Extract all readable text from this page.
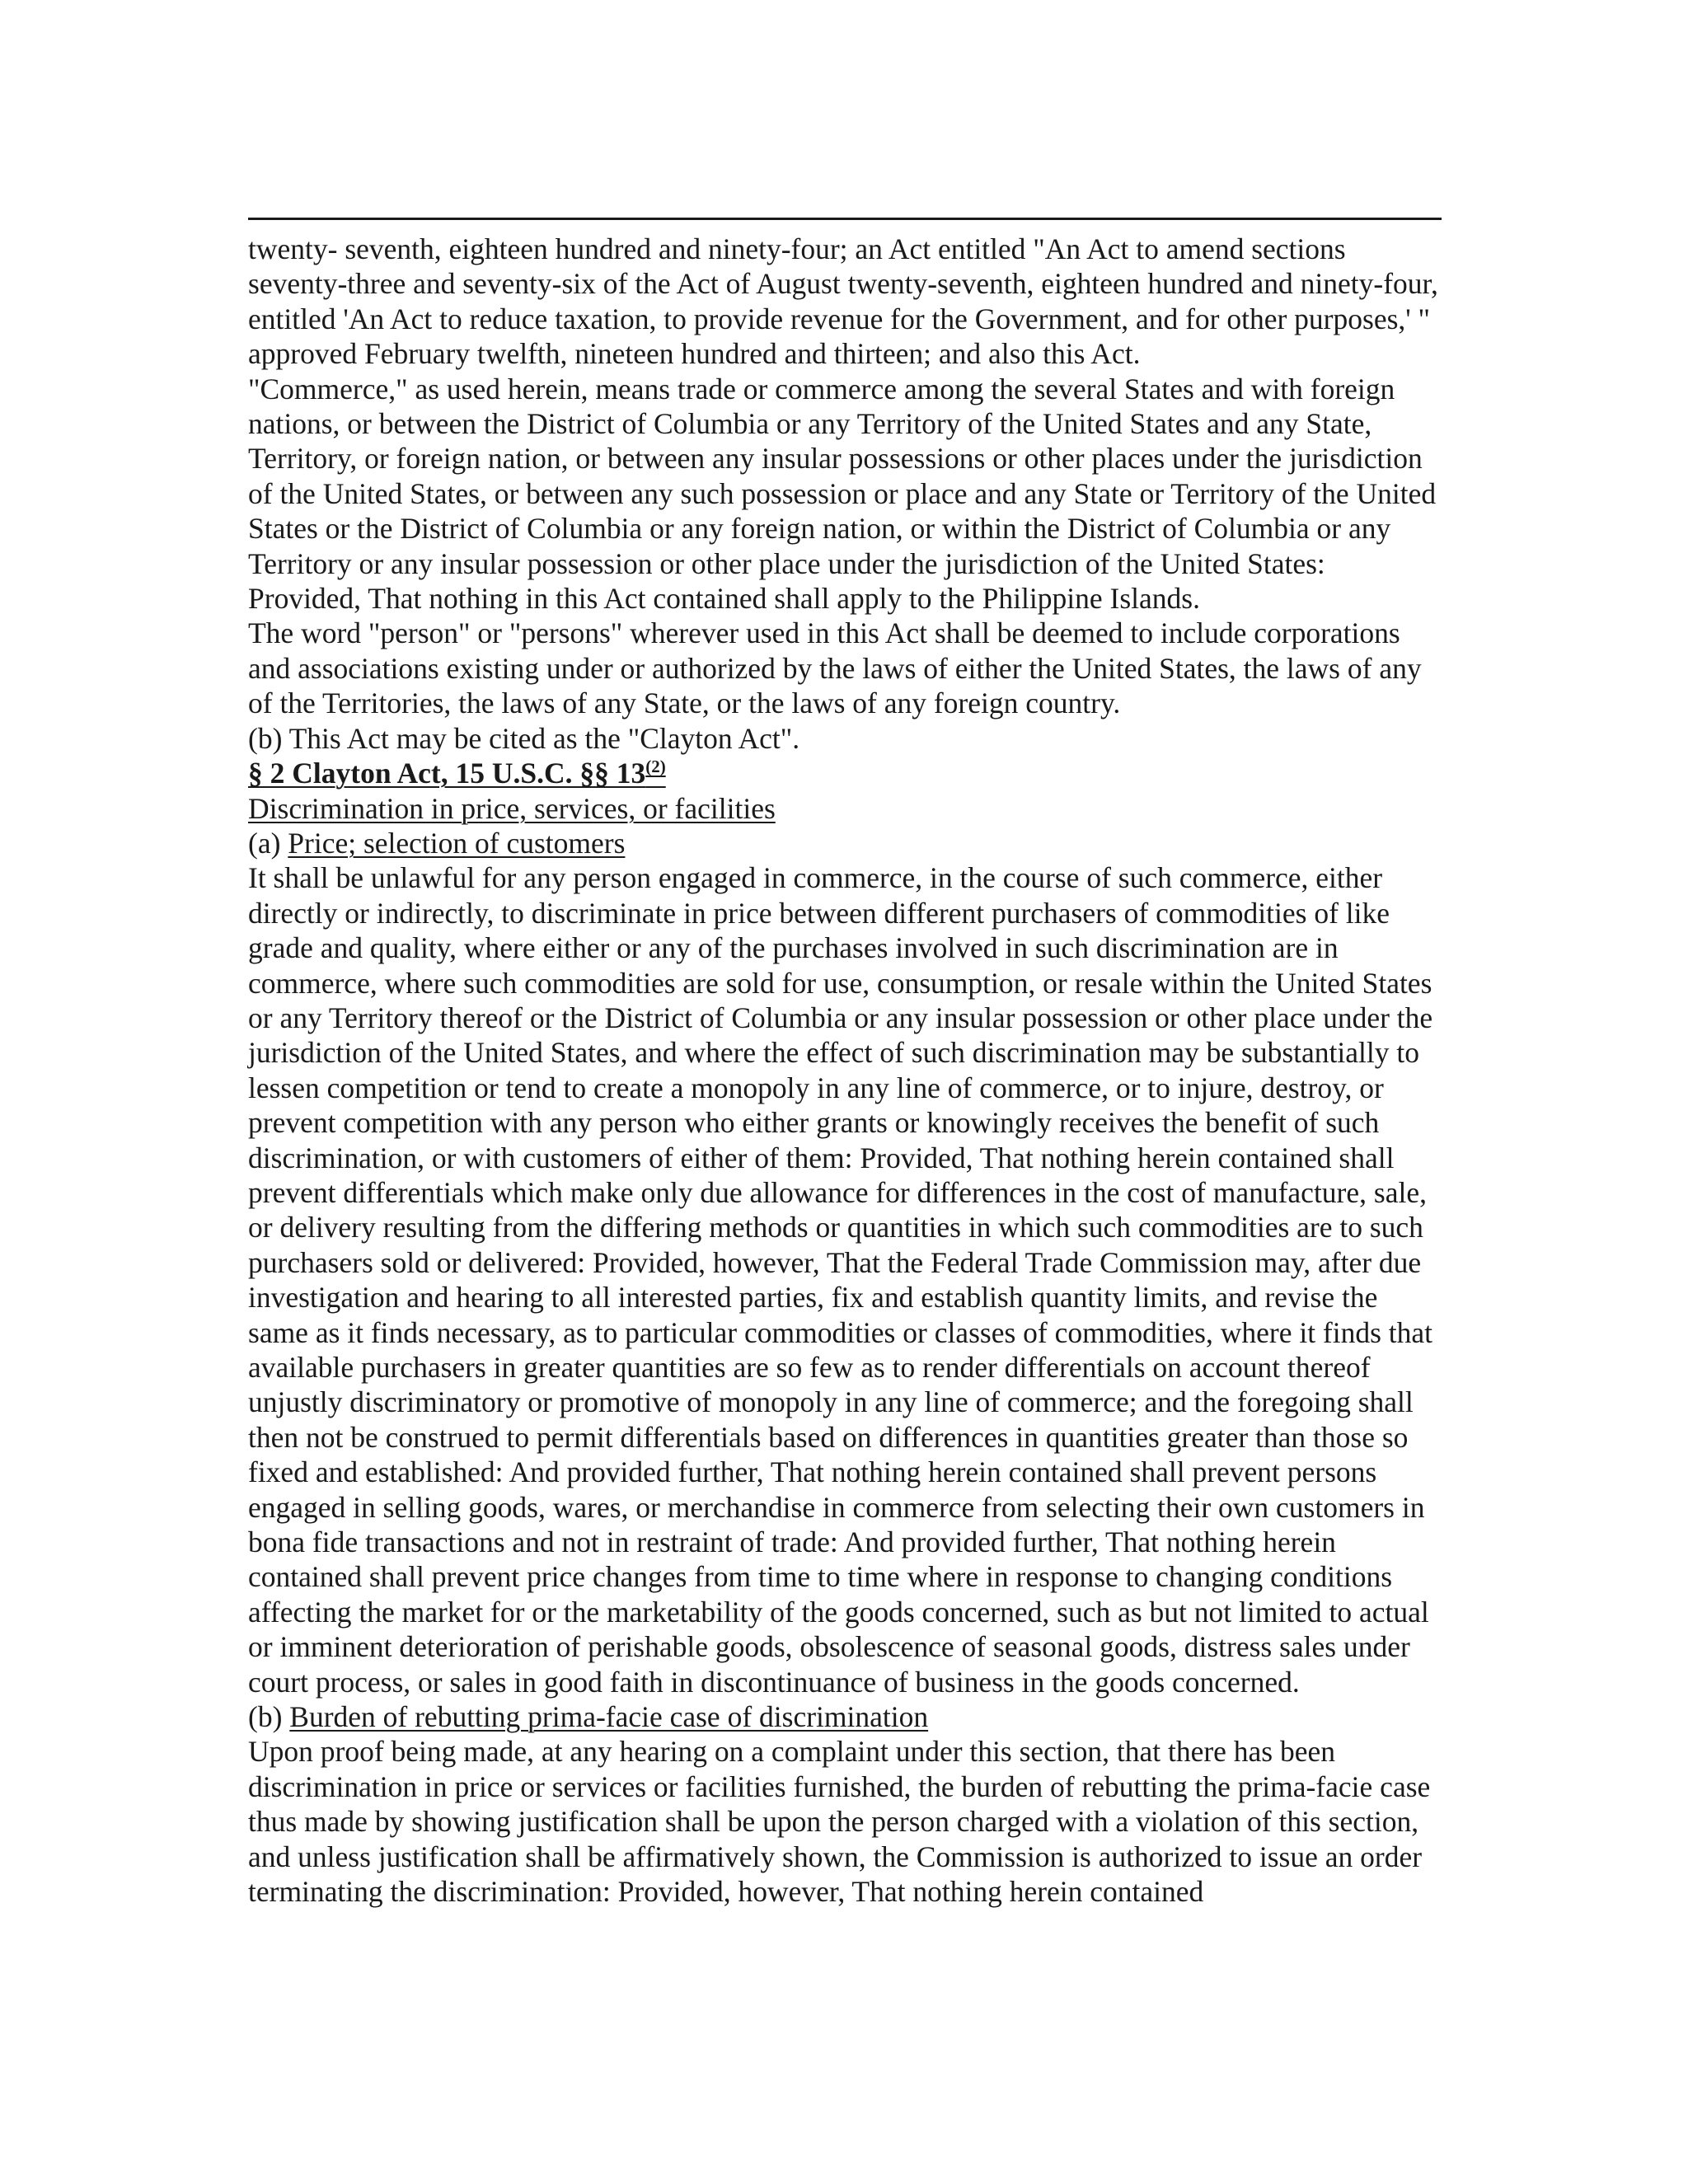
twenty- seventh, eighteen hundred and ninety-four; an Act entitled "An Act to amend sections seventy-three and seventy-six of the Act of August twenty-seventh, eighteen hundred and ninety-four, entitled 'An Act to reduce taxation, to provide revenue for the Government, and for other purposes,' " approved February twelfth, nineteen hundred and thirteen; and also this Act.

"Commerce," as used herein, means trade or commerce among the several States and with foreign nations, or between the District of Columbia or any Territory of the United States and any State, Territory, or foreign nation, or between any insular possessions or other places under the jurisdiction of the United States, or between any such possession or place and any State or Territory of the United States or the District of Columbia or any foreign nation, or within the District of Columbia or any Territory or any insular possession or other place under the jurisdiction of the United States: Provided, That nothing in this Act contained shall apply to the Philippine Islands.

The word "person" or "persons" wherever used in this Act shall be deemed to include corporations and associations existing under or authorized by the laws of either the United States, the laws of any of the Territories, the laws of any State, or the laws of any foreign country.

(b) This Act may be cited as the "Clayton Act".

§ 2 Clayton Act, 15 U.S.C. §§ 13$^{(2)}$

Discrimination in price, services, or facilities

(a) Price; selection of customers

It shall be unlawful for any person engaged in commerce, in the course of such commerce, either directly or indirectly, to discriminate in price between different purchasers of commodities of like grade and quality, where either or any of the purchases involved in such discrimination are in commerce, where such commodities are sold for use, consumption, or resale within the United States or any Territory thereof or the District of Columbia or any insular possession or other place under the jurisdiction of the United States, and where the effect of such discrimination may be substantially to lessen competition or tend to create a monopoly in any line of commerce, or to injure, destroy, or prevent competition with any person who either grants or knowingly receives the benefit of such discrimination, or with customers of either of them: Provided, That nothing herein contained shall prevent differentials which make only due allowance for differences in the cost of manufacture, sale, or delivery resulting from the differing methods or quantities in which such commodities are to such purchasers sold or delivered: Provided, however, That the Federal Trade Commission may, after due investigation and hearing to all interested parties, fix and establish quantity limits, and revise the same as it finds necessary, as to particular commodities or classes of commodities, where it finds that available purchasers in greater quantities are so few as to render differentials on account thereof unjustly discriminatory or promotive of monopoly in any line of commerce; and the foregoing shall then not be construed to permit differentials based on differences in quantities greater than those so fixed and established: And provided further, That nothing herein contained shall prevent persons engaged in selling goods, wares, or merchandise in commerce from selecting their own customers in bona fide transactions and not in restraint of trade: And provided further, That nothing herein contained shall prevent price changes from time to time where in response to changing conditions affecting the market for or the marketability of the goods concerned, such as but not limited to actual or imminent deterioration of perishable goods, obsolescence of seasonal goods, distress sales under court process, or sales in good faith in discontinuance of business in the goods concerned.

(b) Burden of rebutting prima-facie case of discrimination

Upon proof being made, at any hearing on a complaint under this section, that there has been discrimination in price or services or facilities furnished, the burden of rebutting the prima-facie case thus made by showing justification shall be upon the person charged with a violation of this section, and unless justification shall be affirmatively shown, the Commission is authorized to issue an order terminating the discrimination: Provided, however, That nothing herein contained
